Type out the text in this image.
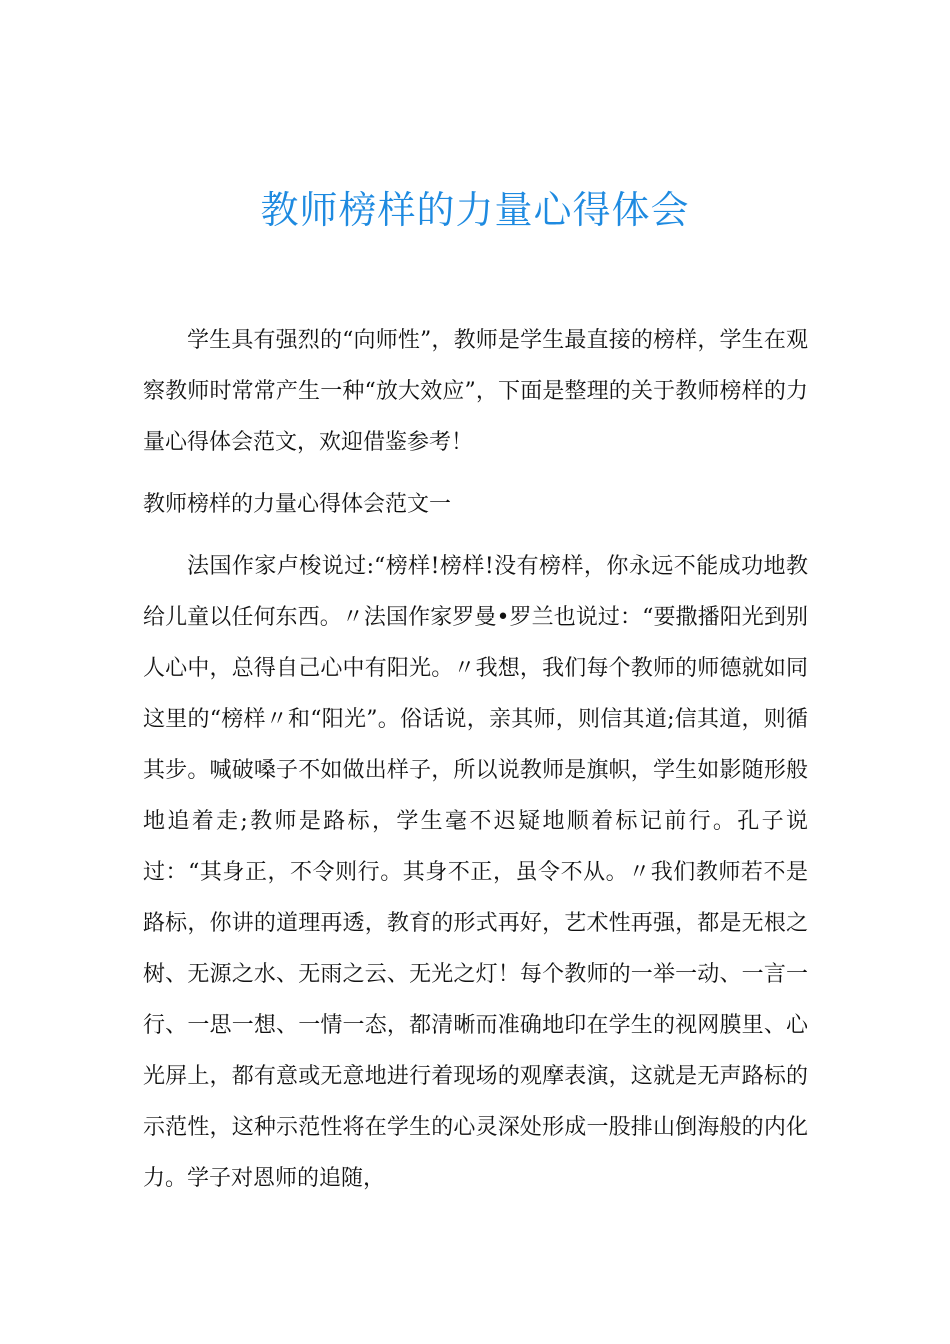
教师榜样的力量心得体会

学生具有强烈的“向师性”，教师是学生最直接的榜样，学生在观察教师时常常产生一种“放大效应”，下面是整理的关于教师榜样的力量心得体会范文，欢迎借鉴参考！

教师榜样的力量心得体会范文一

法国作家卢梭说过:“榜样!榜样!没有榜样，你永远不能成功地教给儿童以任何东西。〃法国作家罗曼•罗兰也说过：“要撒播阳光到别人心中，总得自己心中有阳光。〃我想，我们每个教师的师德就如同这里的“榜样〃和“阳光”。俗话说，亲其师，则信其道;信其道，则循其步。喊破嗓子不如做出样子，所以说教师是旗帜，学生如影随形般地追着走;教师是路标，学生毫不迟疑地顺着标记前行。孔子说过：“其身正，不令则行。其身不正，虽令不从。〃我们教师若不是路标，你讲的道理再透，教育的形式再好，艺术性再强，都是无根之树、无源之水、无雨之云、无光之灯！每个教师的一举一动、一言一行、一思一想、一情一态，都清晰而准确地印在学生的视网膜里、心光屏上，都有意或无意地进行着现场的观摩表演，这就是无声路标的示范性，这种示范性将在学生的心灵深处形成一股排山倒海般的内化力。学子对恩师的追随，
